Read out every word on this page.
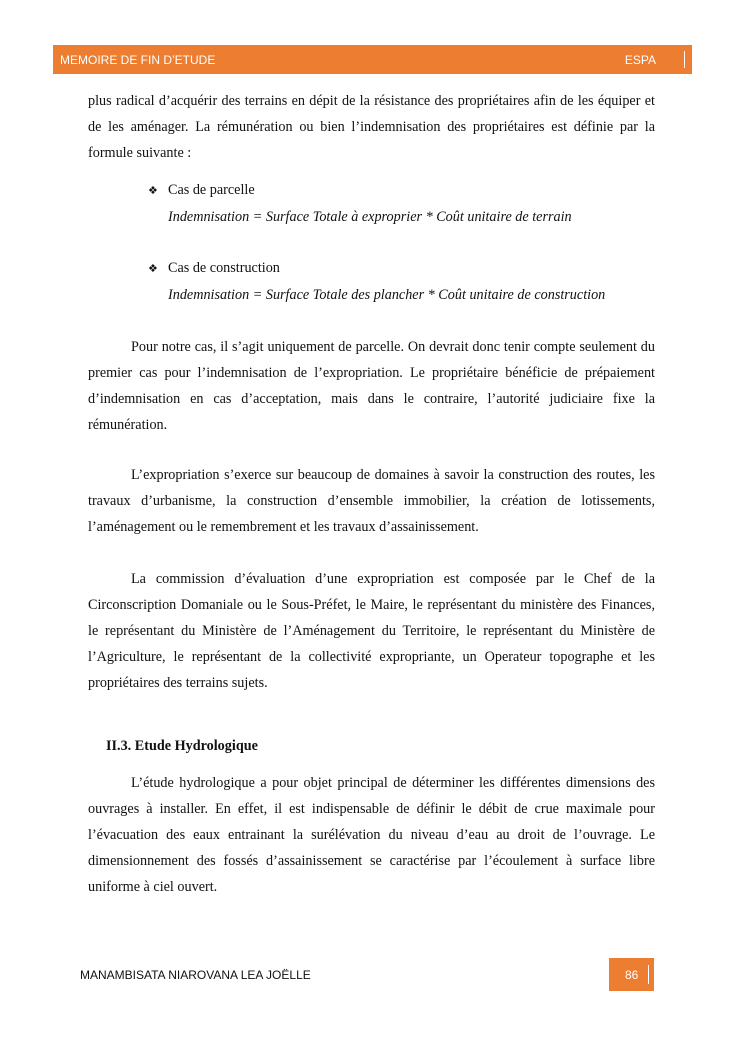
MEMOIRE DE FIN D’ETUDE	ESPA

plus radical d’acquérir des terrains en dépit de la résistance des propriétaires afin de les équiper et de les aménager. La rémunération ou bien l’indemnisation des propriétaires est définie par la formule suivante :

❖ Cas de parcelle
Indemnisation = Surface Totale à exproprier * Coût unitaire de terrain
❖ Cas de construction
Indemnisation = Surface Totale des plancher * Coût unitaire de construction

Pour notre cas, il s’agit uniquement de parcelle. On devrait donc tenir compte seulement du premier cas pour l’indemnisation de l’expropriation. Le propriétaire bénéficie de prépaiement d’indemnisation en cas d’acceptation, mais dans le contraire, l’autorité judiciaire fixe la rémunération.

L’expropriation s’exerce sur beaucoup de domaines à savoir la construction des routes, les travaux d’urbanisme, la construction d’ensemble immobilier, la création de lotissements, l’aménagement ou le remembrement et les travaux d’assainissement.

La commission d’évaluation d’une expropriation est composée par le Chef de la Circonscription Domaniale ou le Sous-Préfet, le Maire, le représentant du ministère des Finances, le représentant du Ministère de l’Aménagement du Territoire, le représentant du Ministère de l’Agriculture, le représentant de la collectivité expropriante, un Operateur topographe et les propriétaires des terrains sujets.

II.3. Etude Hydrologique

L’étude hydrologique a pour objet principal de déterminer les différentes dimensions des ouvrages à installer. En effet, il est indispensable de définir le débit de crue maximale pour l’évacuation des eaux entrainant la surélévation du niveau d’eau au droit de l’ouvrage. Le dimensionnement des fossés d’assainissement se caractérise par l’écoulement à surface libre uniforme à ciel ouvert.

MANAMBISATA NIAROVANA LEA JOËLLE	86
